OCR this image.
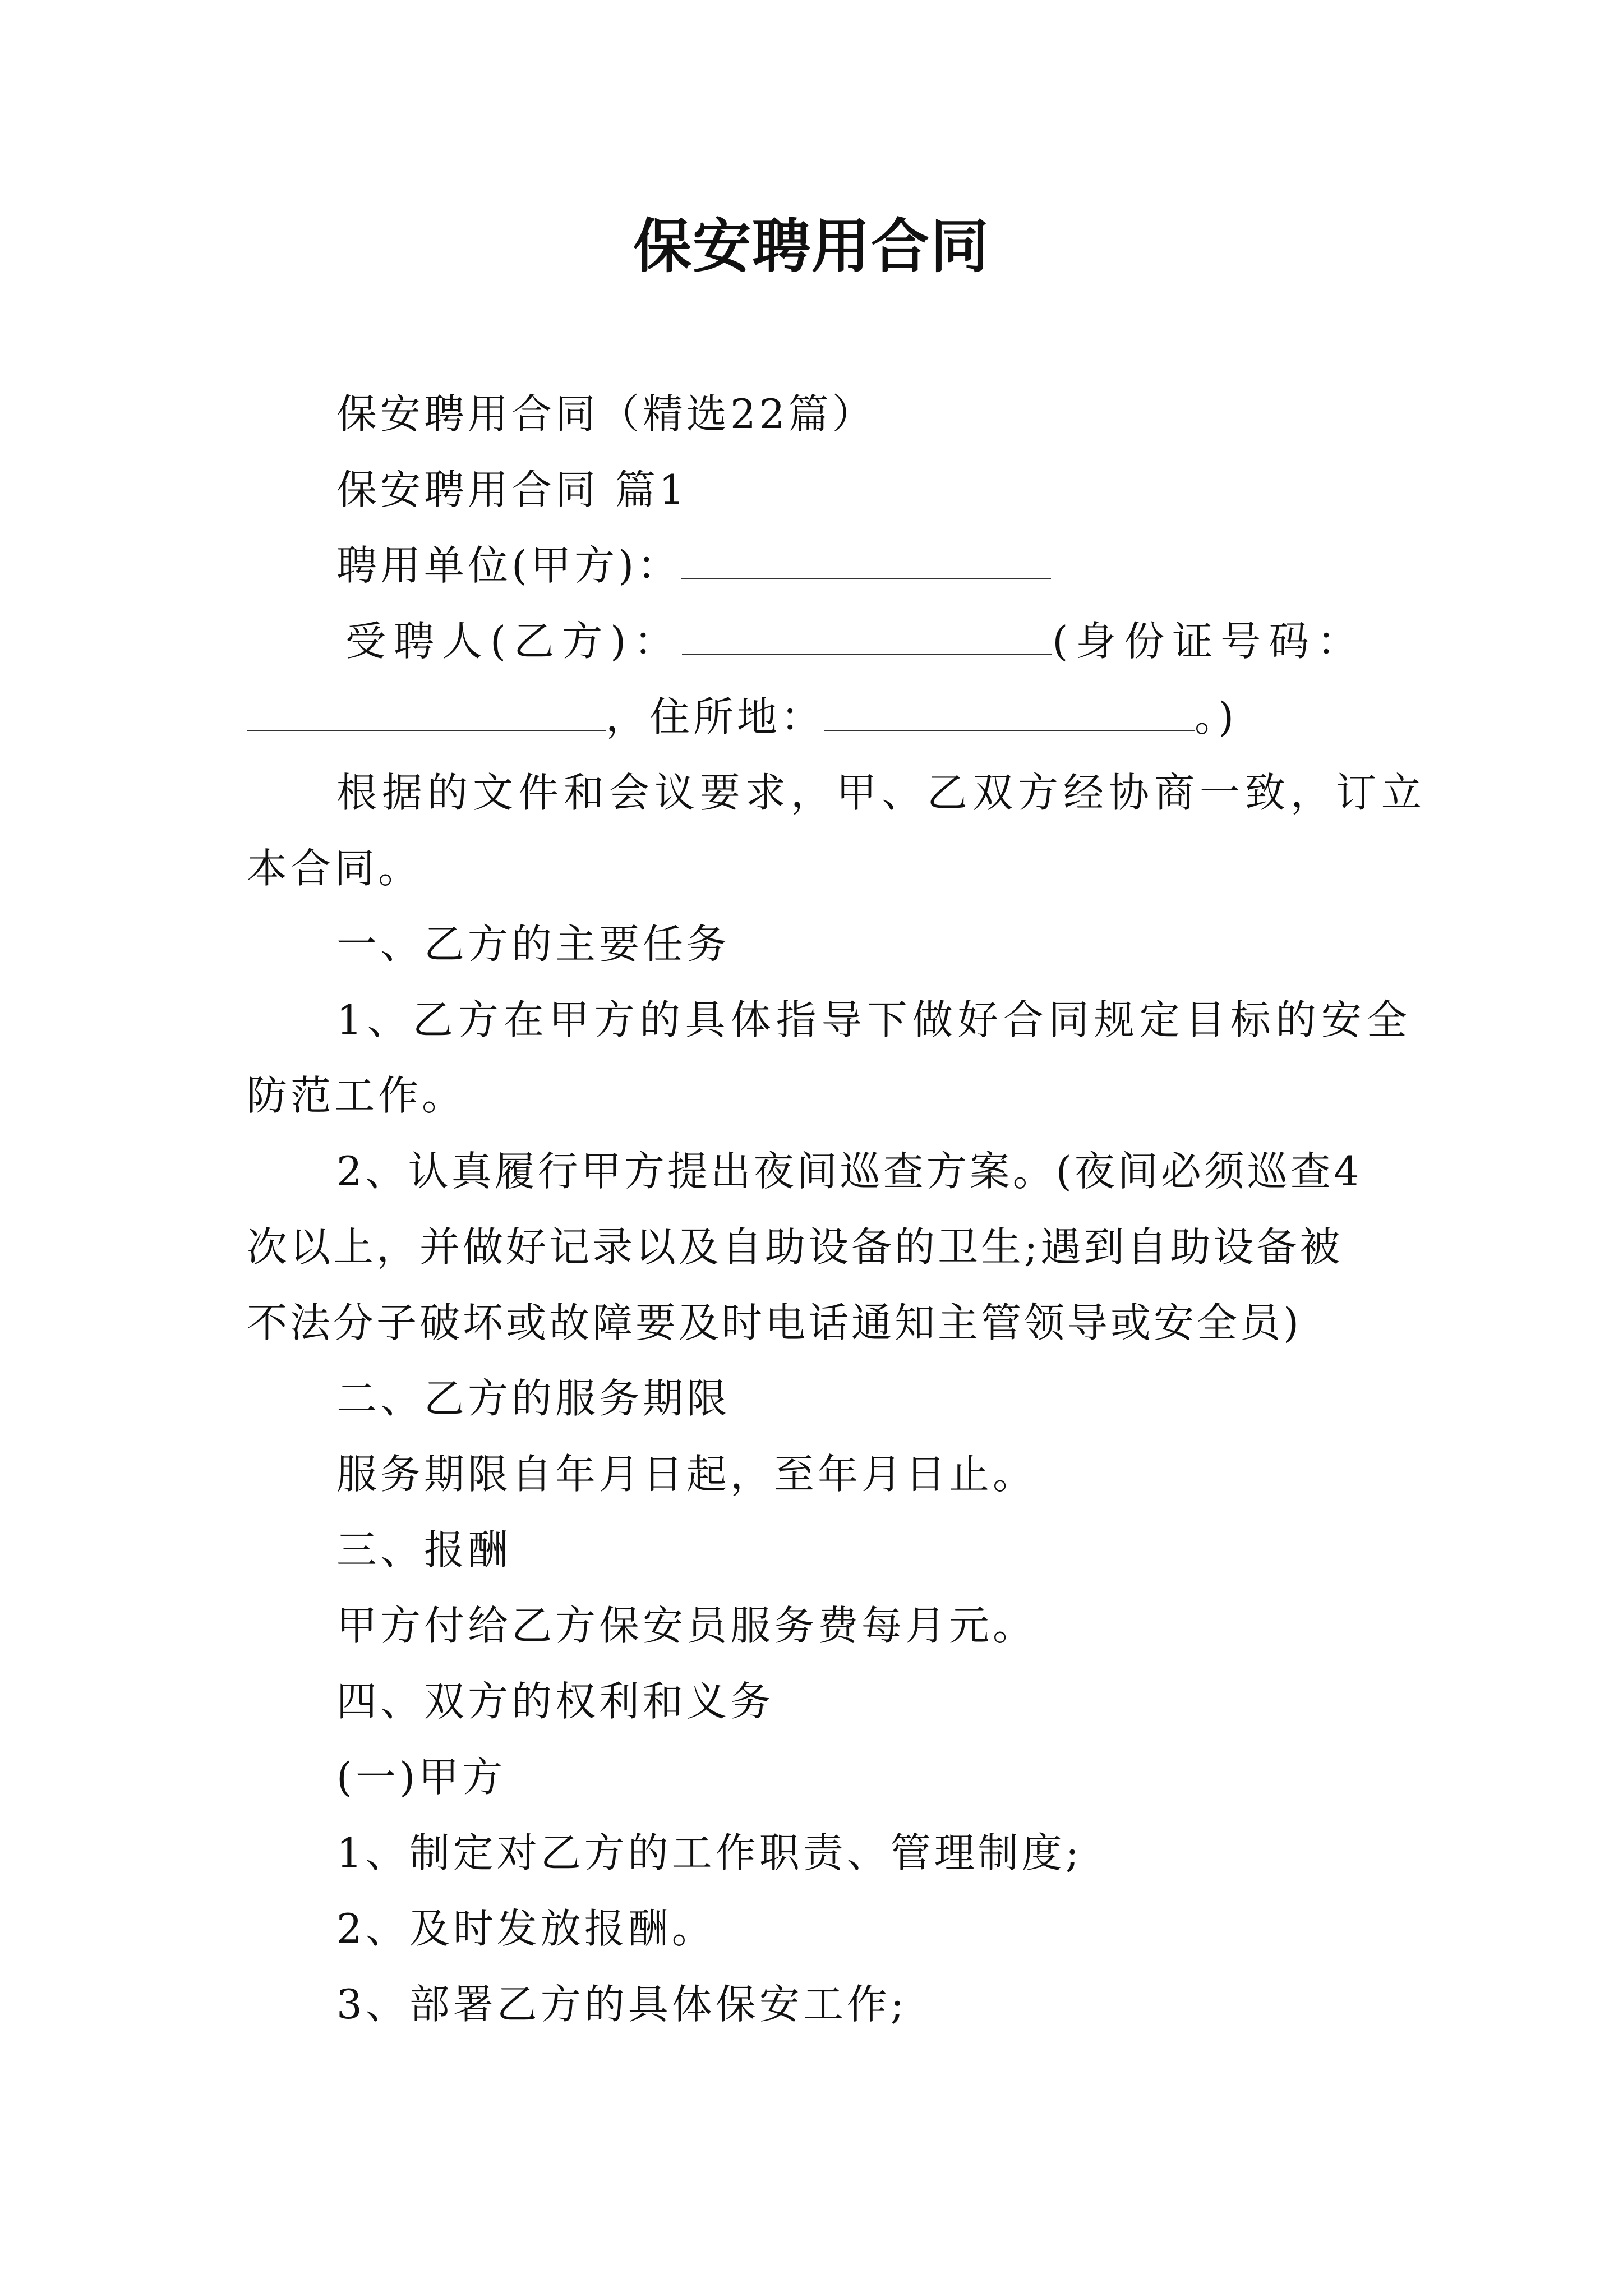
保安聘用合同
保安聘用合同（精选22篇）
保安聘用合同 篇1
聘用单位(甲方)：
受聘人(乙方)：	(身份证号码：
，住所地：	。)
根据的文件和会议要求，甲、乙双方经协商一致，订立
本合同。
一、乙方的主要任务
1、乙方在甲方的具体指导下做好合同规定目标的安全
防范工作。
2、认真履行甲方提出夜间巡查方案。(夜间必须巡查4
次以上，并做好记录以及自助设备的卫生;遇到自助设备被
不法分子破坏或故障要及时电话通知主管领导或安全员)
二、乙方的服务期限
服务期限自年月日起，至年月日止。
三、报酬
甲方付给乙方保安员服务费每月元。
四、双方的权利和义务
(一)甲方
1、制定对乙方的工作职责、管理制度;
2、及时发放报酬。
3、部署乙方的具体保安工作;
